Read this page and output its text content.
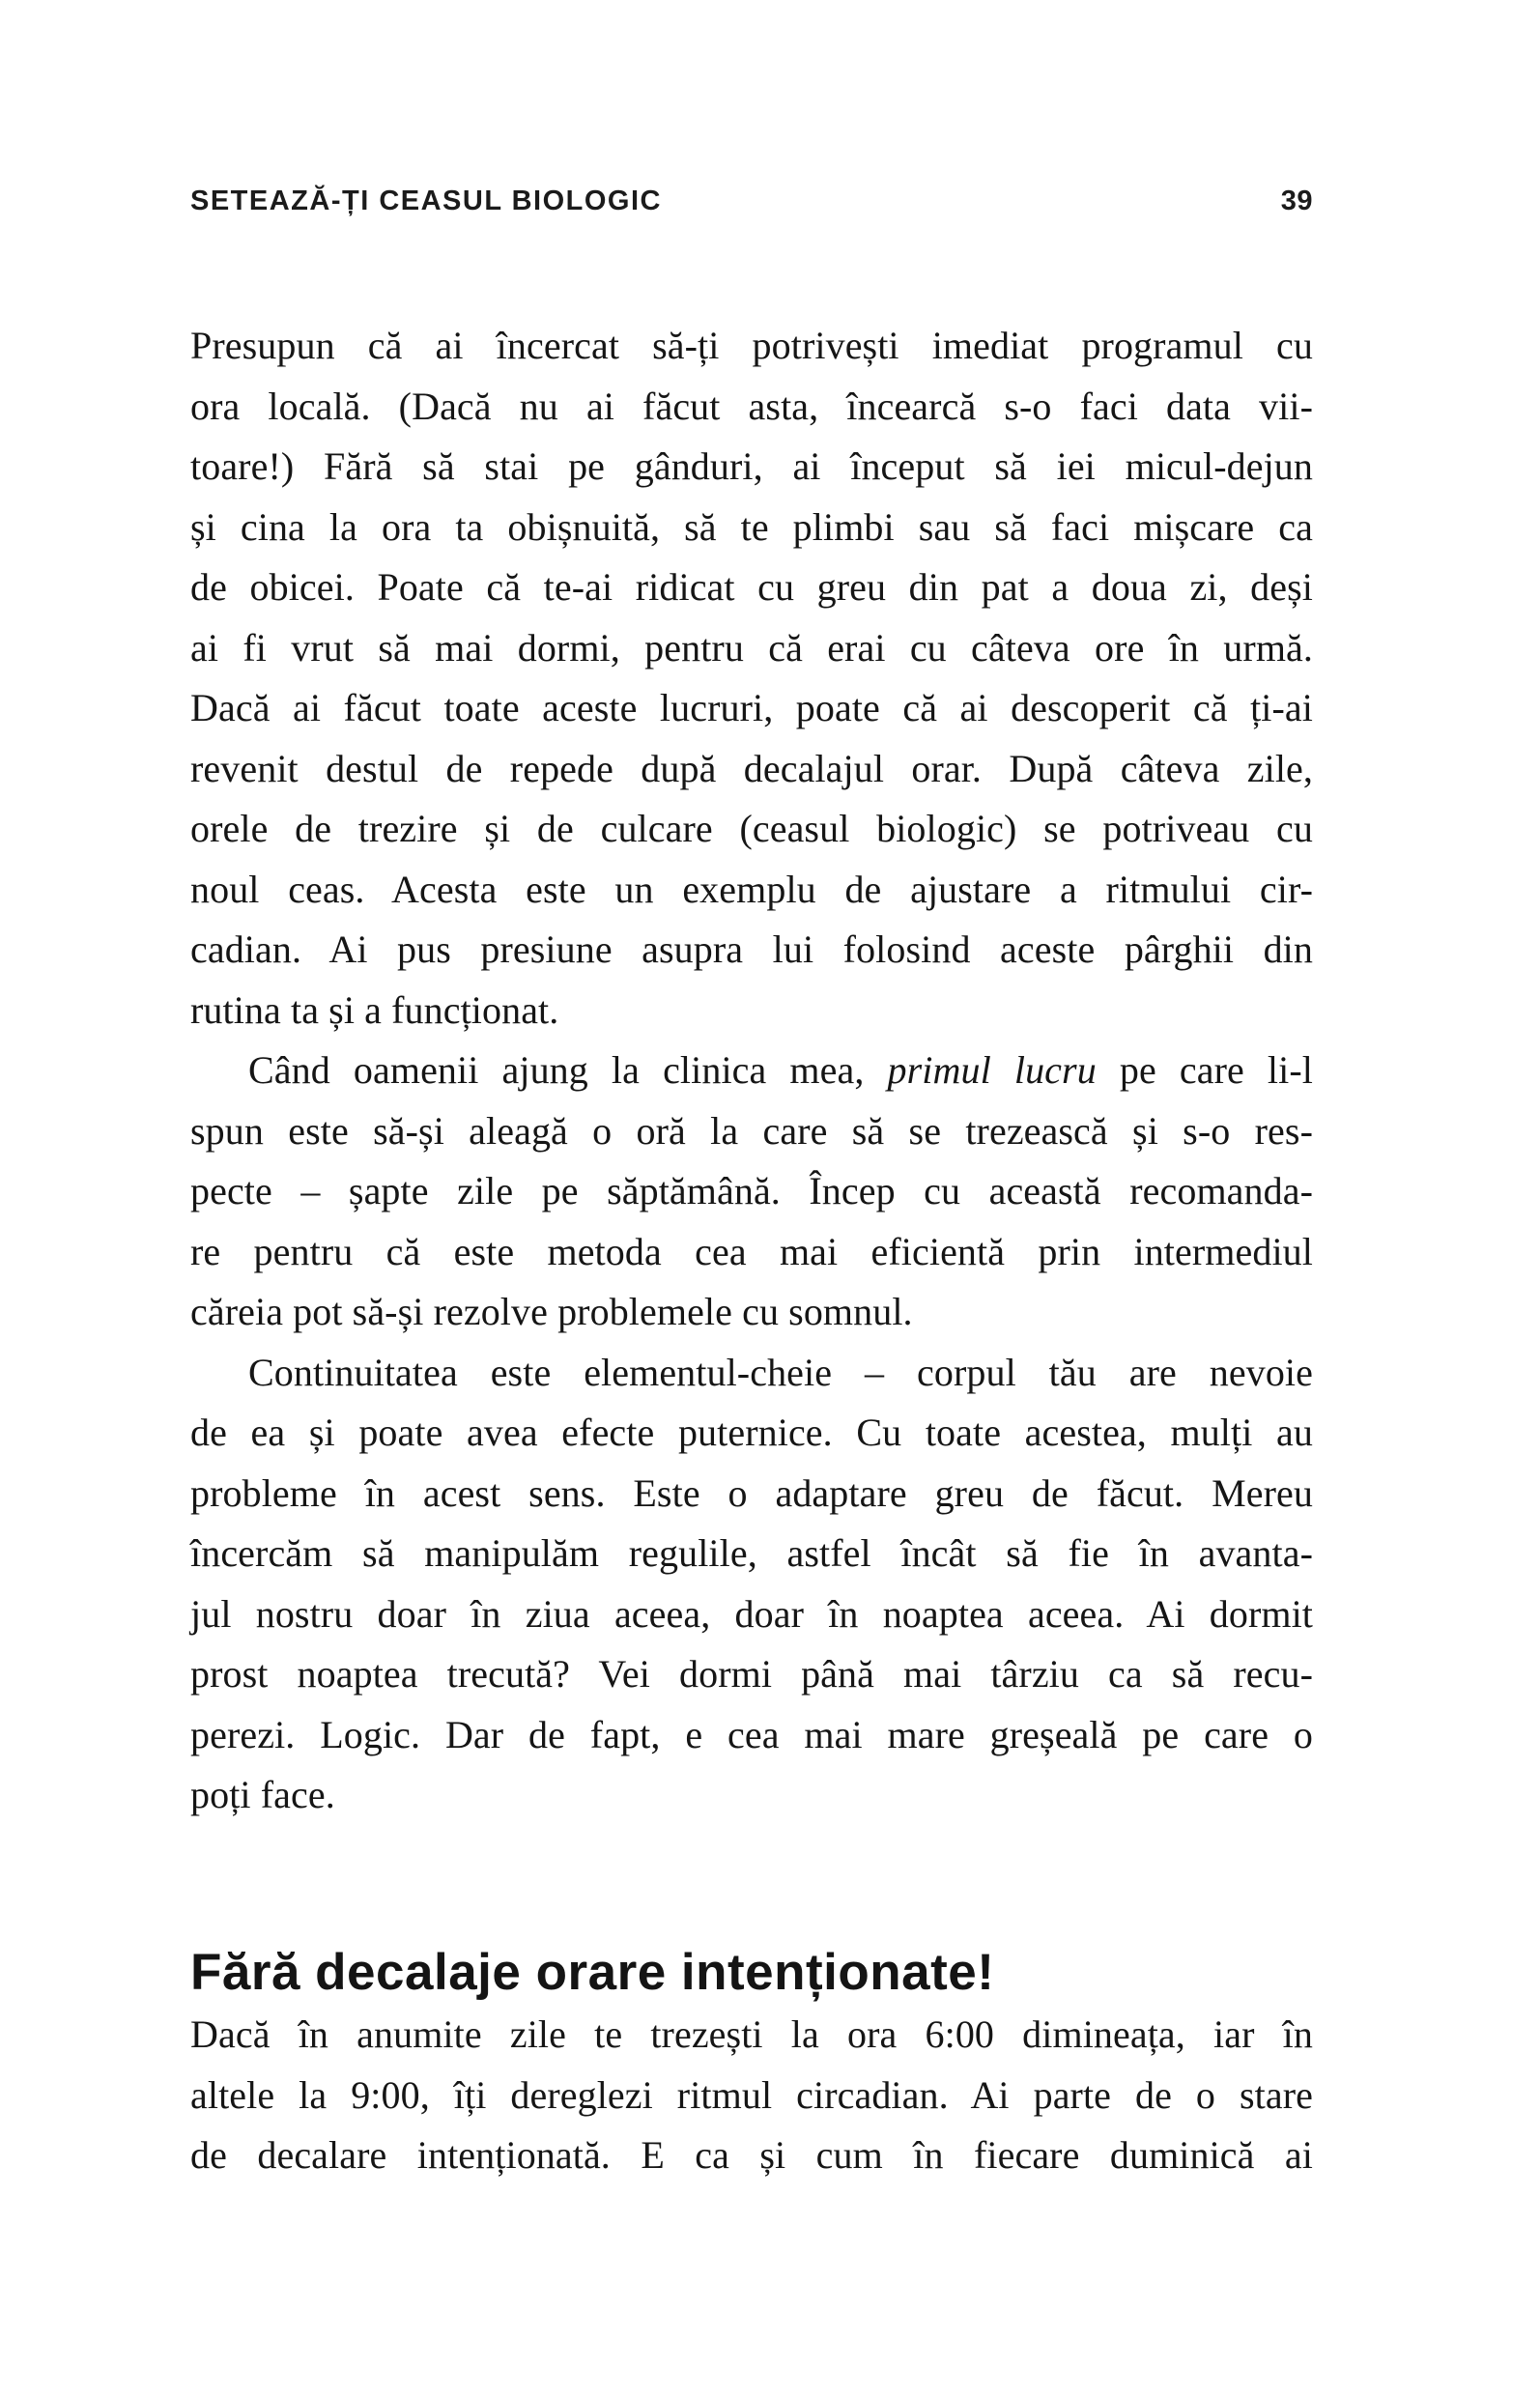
SETEAZĂ-ȚI CEASUL BIOLOGIC	39
Presupun că ai încercat să-ți potrivești imediat programul cu
ora locală. (Dacă nu ai făcut asta, încearcă s-o faci data vii-
toare!) Fără să stai pe gânduri, ai început să iei micul-dejun
și cina la ora ta obișnuită, să te plimbi sau să faci mișcare ca
de obicei. Poate că te-ai ridicat cu greu din pat a doua zi, deși
ai fi vrut să mai dormi, pentru că erai cu câteva ore în urmă.
Dacă ai făcut toate aceste lucruri, poate că ai descoperit că ți-ai
revenit destul de repede după decalajul orar. După câteva zile,
orele de trezire și de culcare (ceasul biologic) se potriveau cu
noul ceas. Acesta este un exemplu de ajustare a ritmului cir-
cadian. Ai pus presiune asupra lui folosind aceste pârghii din
rutina ta și a funcționat.
Când oamenii ajung la clinica mea, primul lucru pe care li-l
spun este să-și aleagă o oră la care să se trezească și s-o res-
pecte – șapte zile pe săptămână. Încep cu această recomanda-
re pentru că este metoda cea mai eficientă prin intermediul
căreia pot să-și rezolve problemele cu somnul.
Continuitatea este elementul-cheie – corpul tău are nevoie
de ea și poate avea efecte puternice. Cu toate acestea, mulți au
probleme în acest sens. Este o adaptare greu de făcut. Mereu
încercăm să manipulăm regulile, astfel încât să fie în avanta-
jul nostru doar în ziua aceea, doar în noaptea aceea. Ai dormit
prost noaptea trecută? Vei dormi până mai târziu ca să recu-
perezi. Logic. Dar de fapt, e cea mai mare greșeală pe care o
poți face.
Fără decalaje orare intenționate!
Dacă în anumite zile te trezești la ora 6:00 dimineața, iar în
altele la 9:00, îți dereglezi ritmul circadian. Ai parte de o stare
de decalare intenționată. E ca și cum în fiecare duminică ai
